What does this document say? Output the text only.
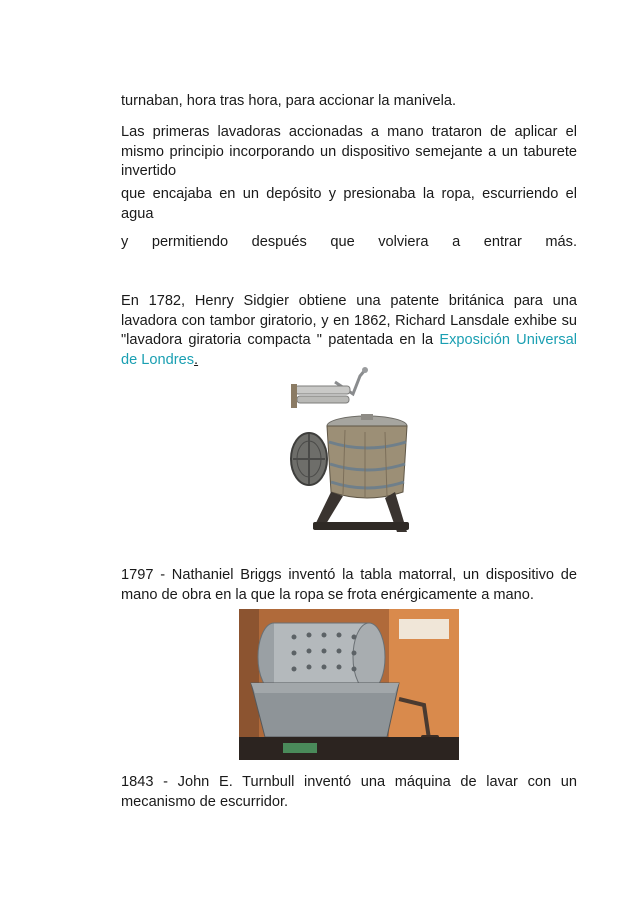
turnaban, hora tras hora, para accionar la manivela.

Las primeras lavadoras accionadas a mano trataron de aplicar el mismo principio incorporando un dispositivo semejante a un taburete invertido

que encajaba en un depósito y presionaba la ropa, escurriendo el agua

y permitiendo después que volviera a entrar más.

En 1782, Henry Sidgier obtiene una patente británica para una lavadora con tambor giratorio, y en 1862, Richard Lansdale exhibe su "lavadora giratoria compacta " patentada en la Exposición Universal de Londres.

1797 - Nathaniel Briggs inventó la tabla matorral, un dispositivo de mano de obra en la que la ropa se frota enérgicamente a mano.

1843 - John E. Turnbull inventó una máquina de lavar con un mecanismo de escurridor.
